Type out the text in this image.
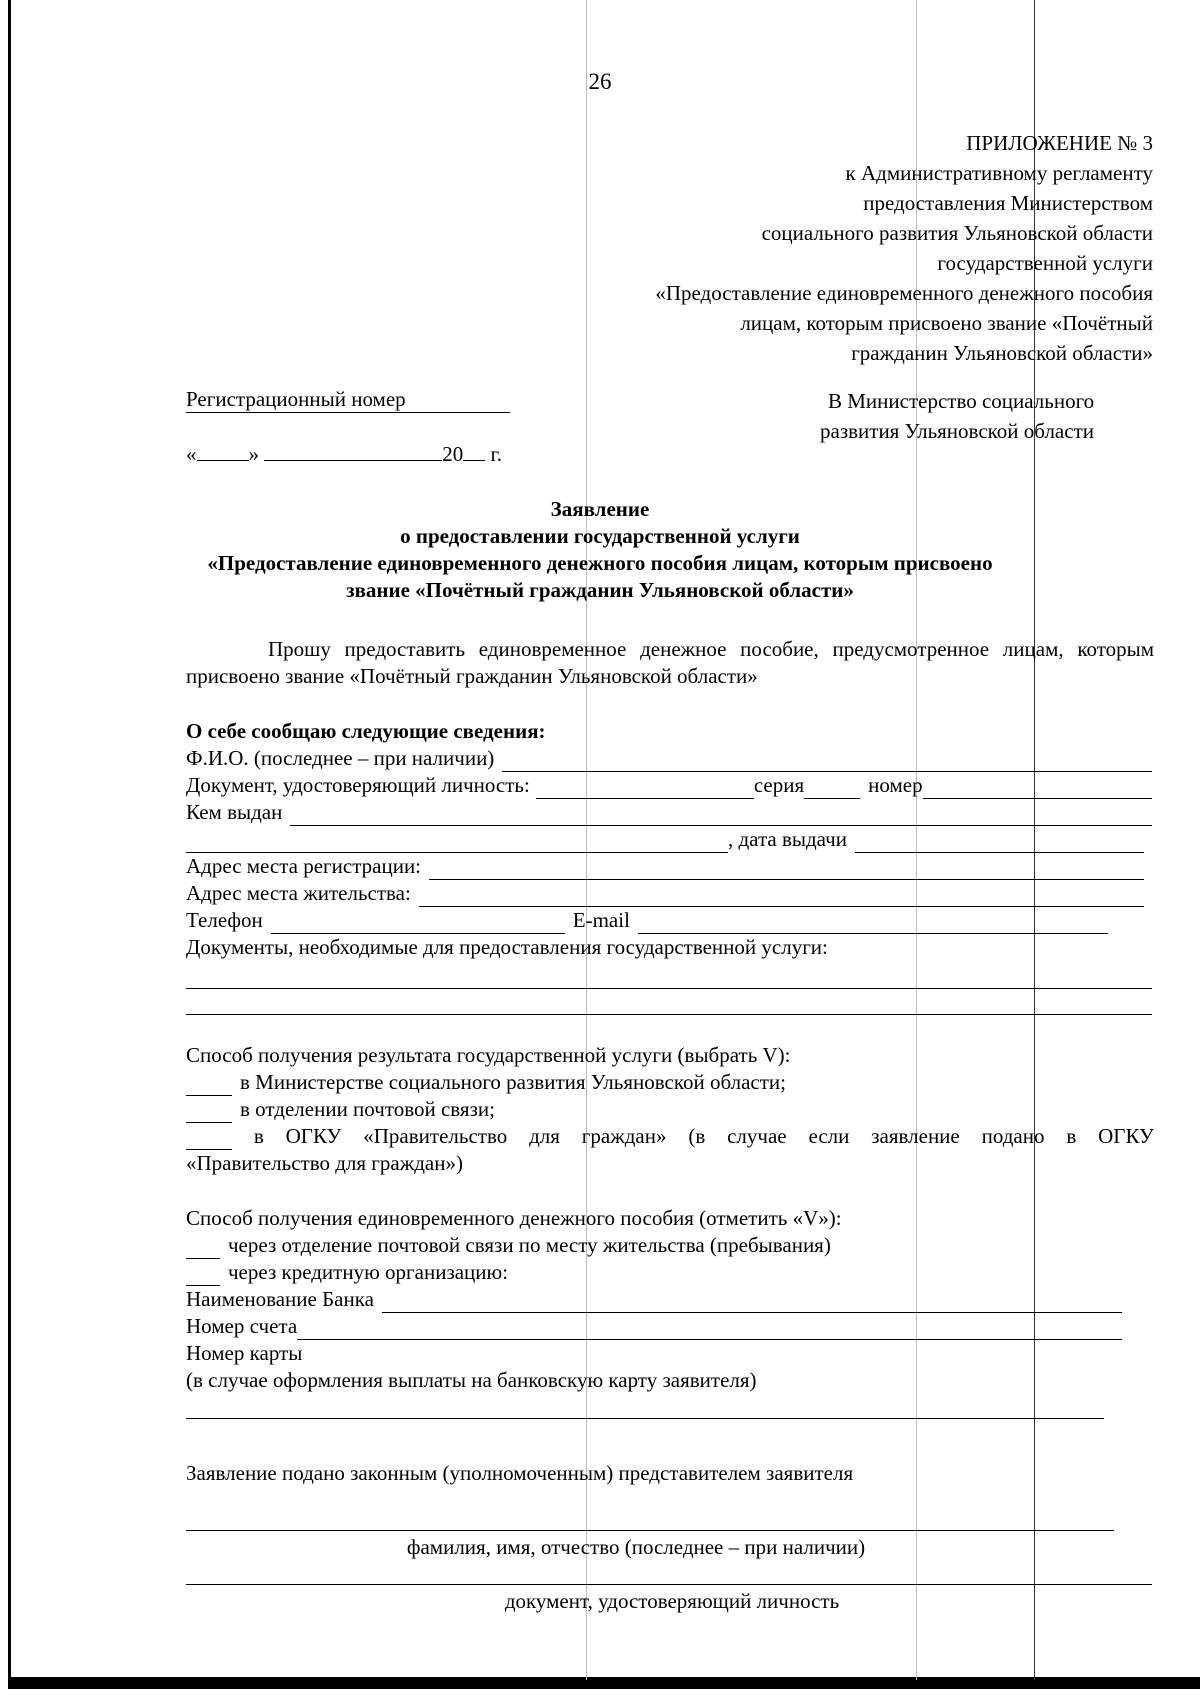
26
ПРИЛОЖЕНИЕ № 3
к Административному регламенту
предоставления Министерством
социального развития Ульяновской области
государственной услуги
«Предоставление единовременного денежного пособия
лицам, которым присвоено звание «Почётный
гражданин Ульяновской области»
Регистрационный номер
« »	20 г.
В Министерство социального
развития Ульяновской области
Заявление
о предоставлении государственной услуги
«Предоставление единовременного денежного пособия лицам, которым присвоено
звание «Почётный гражданин Ульяновской области»

Прошу предоставить единовременное денежное пособие, предусмотренное лицам, которым присвоено звание «Почётный гражданин Ульяновской области»

О себе сообщаю следующие сведения:
Ф.И.О. (последнее – при наличии)
Документ, удостоверяющий личность:	серия	номер
Кем выдан
, дата выдачи
Адрес места регистрации:
Адрес места жительства:
Телефон	E-mail
Документы, необходимые для предоставления государственной услуги:
Способ получения результата государственной услуги (выбрать V):
в Министерстве социального развития Ульяновской области;
в отделении почтовой связи;
в ОГКУ «Правительство для граждан» (в случае если заявление подано в ОГКУ
«Правительство для граждан»)
Способ получения единовременного денежного пособия (отметить «V»):
через отделение почтовой связи по месту жительства (пребывания)
через кредитную организацию:
Наименование Банка
Номер счета
Номер карты
(в случае оформления выплаты на банковскую карту заявителя)
Заявление подано законным (уполномоченным) представителем заявителя
фамилия, имя, отчество (последнее – при наличии)
документ, удостоверяющий личность
